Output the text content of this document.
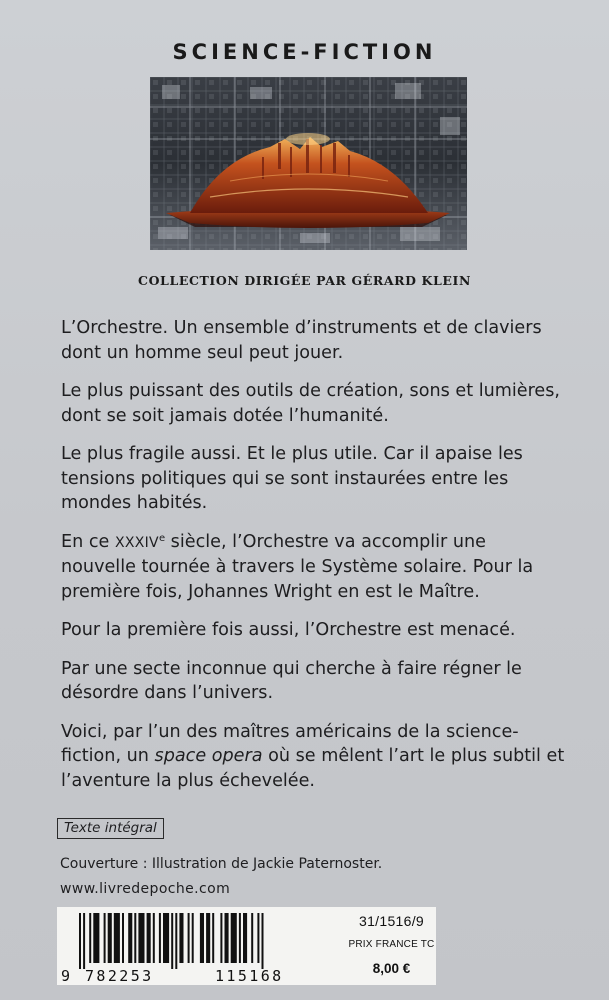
SCIENCE-FICTION
COLLECTION DIRIGÉE PAR GÉRARD KLEIN

L’Orchestre. Un ensemble d’instruments et de claviers dont un homme seul peut jouer.

Le plus puissant des outils de création, sons et lumières, dont se soit jamais dotée l’humanité.

Le plus fragile aussi. Et le plus utile. Car il apaise les tensions politiques qui se sont instaurées entre les mondes habités.

En ce XXXIVe siècle, l’Orchestre va accomplir une nouvelle tournée à travers le Système solaire. Pour la première fois, Johannes Wright en est le Maître.

Pour la première fois aussi, l’Orchestre est menacé.

Par une secte inconnue qui cherche à faire régner le désordre dans l’univers.

Voici, par l’un des maîtres américains de la science-fiction, un space opera où se mêlent l’art le plus subtil et l’aventure la plus échevelée.

Texte intégral
Couverture : Illustration de Jackie Paternoster.
www.livredepoche.com
9 782253	115168
31/1516/9
PRIX FRANCE TC
8,00 €
